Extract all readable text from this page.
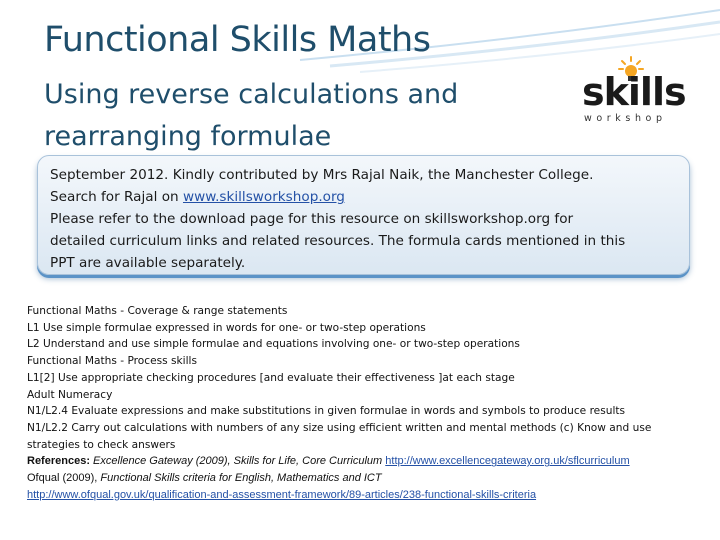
Functional Skills Maths
Using reverse calculations and
rearranging formulae
skills
workshop
September 2012. Kindly contributed by Mrs Rajal Naik, the Manchester College.
Search for Rajal on www.skillsworkshop.org
Please refer to the download page for this resource on skillsworkshop.org for
detailed curriculum links and related resources. The formula cards mentioned in this
PPT are available separately.
Functional Maths - Coverage & range statements
L1 Use simple formulae expressed in words for one- or two-step operations
L2 Understand and use simple formulae and equations involving one- or two-step operations
Functional Maths - Process skills
L1[2] Use appropriate checking procedures [and evaluate their effectiveness ]at each stage
Adult Numeracy
N1/L2.4 Evaluate expressions and make substitutions in given formulae in words and symbols to produce results
N1/L2.2 Carry out calculations with numbers of any size using efficient written and mental methods (c) Know and use
strategies to check answers
References: Excellence Gateway (2009), Skills for Life, Core Curriculum http://www.excellencegateway.org.uk/sflcurriculum
Ofqual (2009), Functional Skills criteria for English, Mathematics and ICT
http://www.ofqual.gov.uk/qualification-and-assessment-framework/89-articles/238-functional-skills-criteria
